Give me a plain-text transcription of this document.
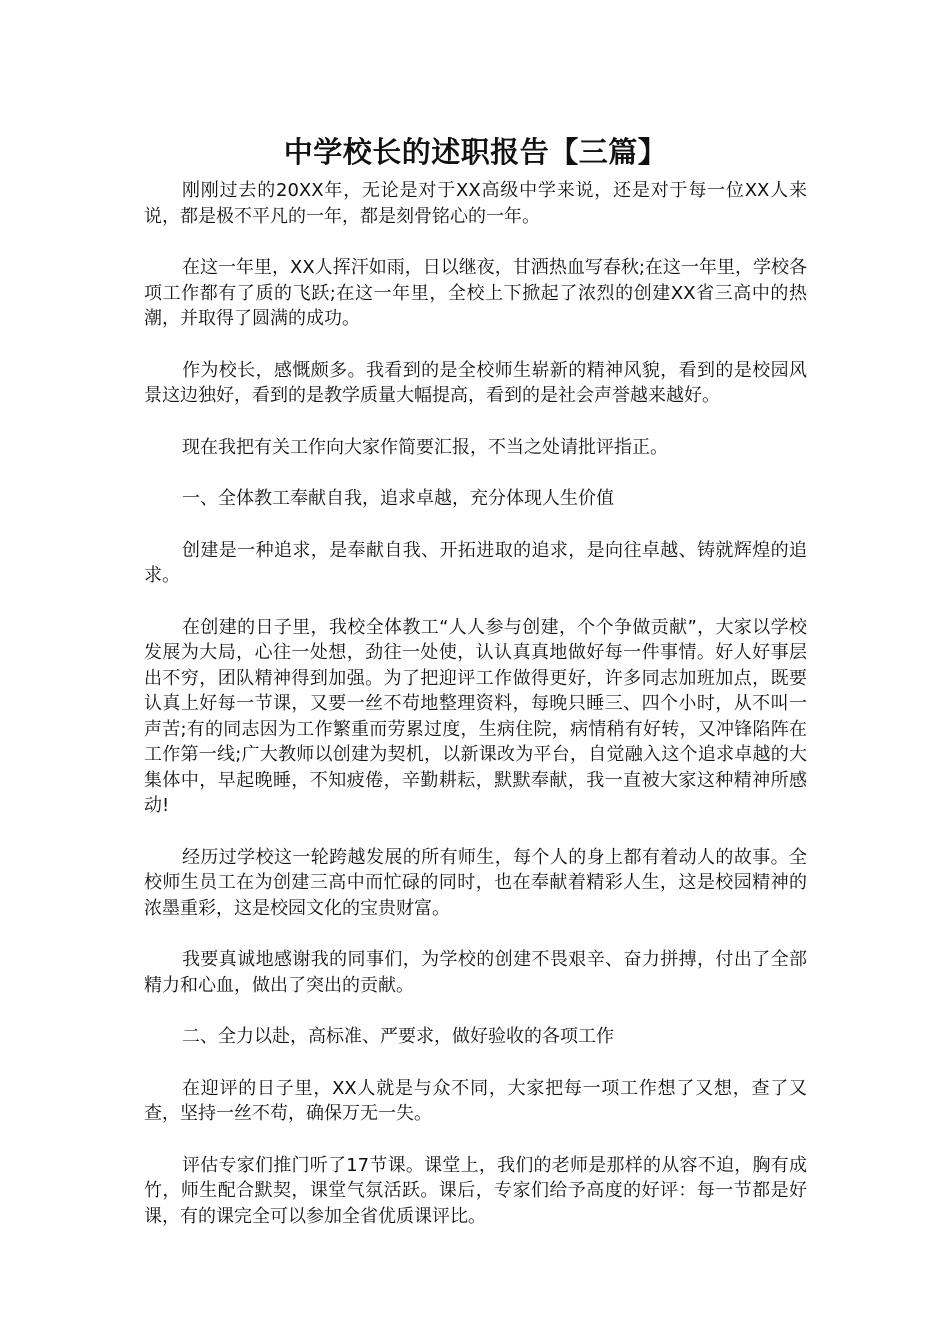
中学校长的述职报告【三篇】

刚刚过去的20XX年，无论是对于XX高级中学来说，还是对于每一位XX人来说，都是极不平凡的一年，都是刻骨铭心的一年。

在这一年里，XX人挥汗如雨，日以继夜，甘洒热血写春秋;在这一年里，学校各项工作都有了质的飞跃;在这一年里，全校上下掀起了浓烈的创建XX省三高中的热潮，并取得了圆满的成功。

作为校长，感慨颇多。我看到的是全校师生崭新的精神风貌，看到的是校园风景这边独好，看到的是教学质量大幅提高，看到的是社会声誉越来越好。

现在我把有关工作向大家作简要汇报，不当之处请批评指正。

一、全体教工奉献自我，追求卓越，充分体现人生价值

创建是一种追求，是奉献自我、开拓进取的追求，是向往卓越、铸就辉煌的追求。

在创建的日子里，我校全体教工“人人参与创建，个个争做贡献”，大家以学校发展为大局，心往一处想，劲往一处使，认认真真地做好每一件事情。好人好事层出不穷，团队精神得到加强。为了把迎评工作做得更好，许多同志加班加点，既要认真上好每一节课，又要一丝不苟地整理资料，每晚只睡三、四个小时，从不叫一声苦;有的同志因为工作繁重而劳累过度，生病住院，病情稍有好转，又冲锋陷阵在工作第一线;广大教师以创建为契机，以新课改为平台，自觉融入这个追求卓越的大集体中，早起晚睡，不知疲倦，辛勤耕耘，默默奉献，我一直被大家这种精神所感动!

经历过学校这一轮跨越发展的所有师生，每个人的身上都有着动人的故事。全校师生员工在为创建三高中而忙碌的同时，也在奉献着精彩人生，这是校园精神的浓墨重彩，这是校园文化的宝贵财富。

我要真诚地感谢我的同事们，为学校的创建不畏艰辛、奋力拼搏，付出了全部精力和心血，做出了突出的贡献。

二、全力以赴，高标准、严要求，做好验收的各项工作

在迎评的日子里，XX人就是与众不同，大家把每一项工作想了又想，查了又查，坚持一丝不苟，确保万无一失。

评估专家们推门听了17节课。课堂上，我们的老师是那样的从容不迫，胸有成竹，师生配合默契，课堂气氛活跃。课后，专家们给予高度的好评：每一节都是好课，有的课完全可以参加全省优质课评比。
